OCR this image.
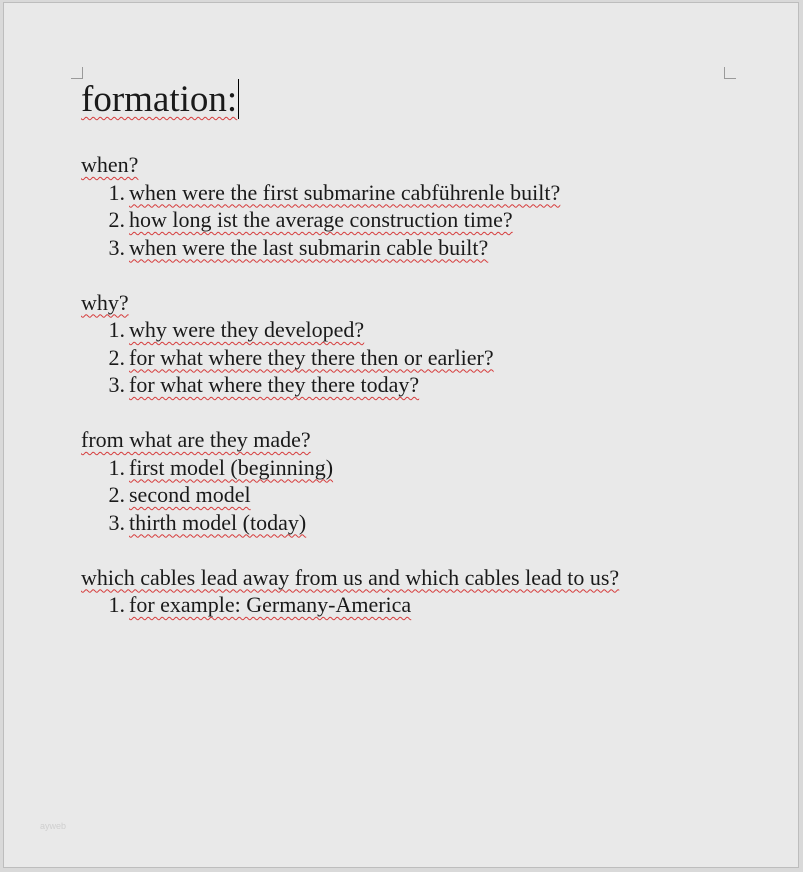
formation:

when?

1. when were the first submarine cabführenle built?
2. how long ist the average construction time?
3. when were the last submarin cable built?

why?

1. why were they developed?
2. for what where they there then or earlier?
3. for what where they there today?

from what are they made?

1. first model (beginning)
2. second model
3. thirth model (today)

which cables lead away from us and which cables lead to us?

1. for example: Germany-America
ayweb
